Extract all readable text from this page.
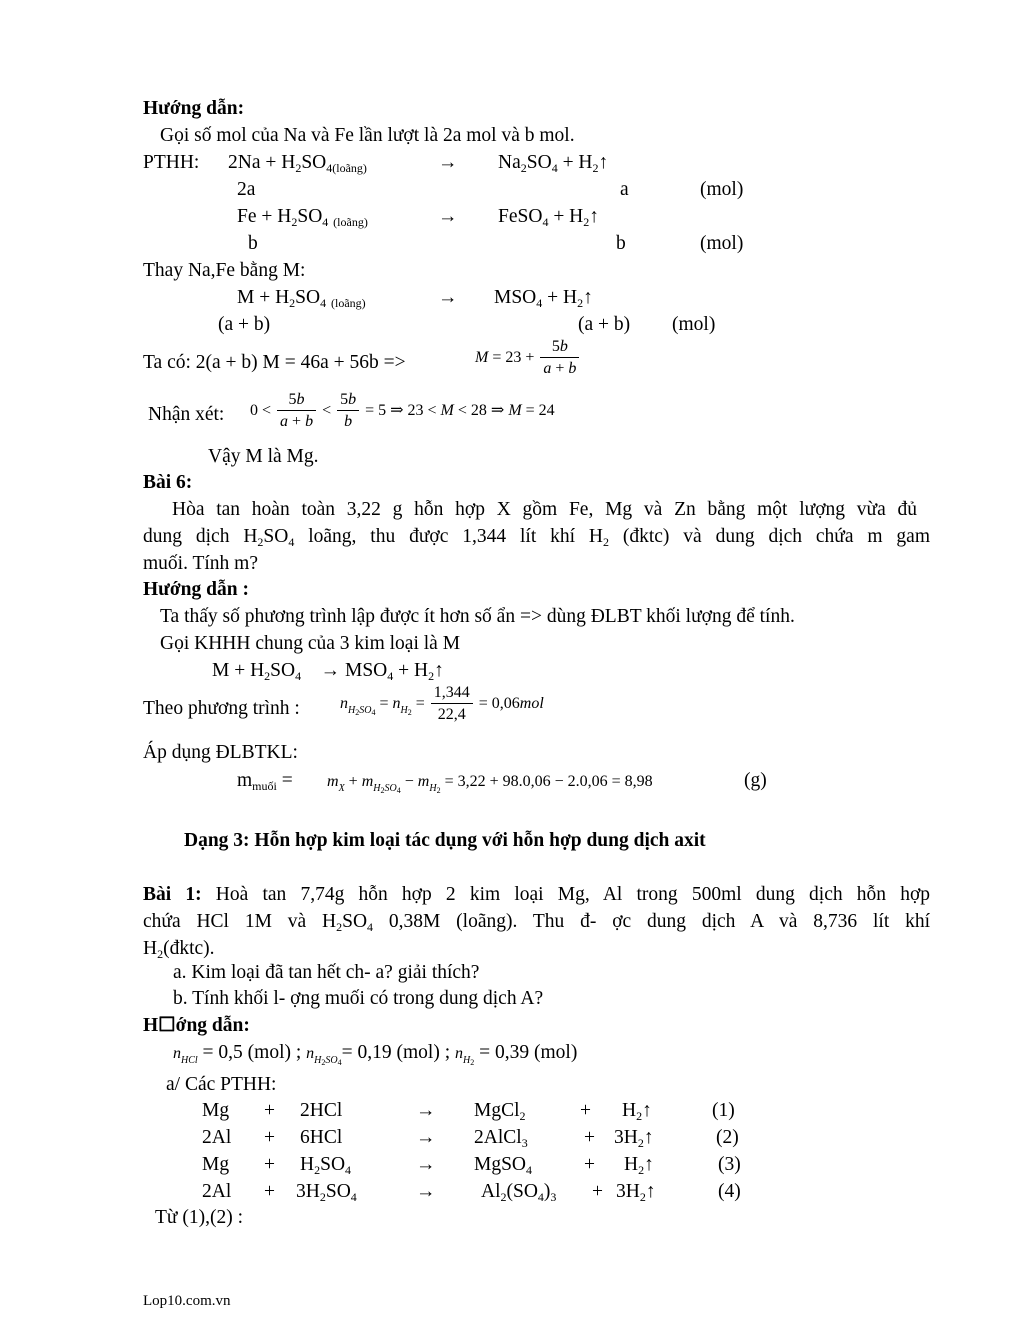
Hướng dẫn:
Gọi số mol của Na và Fe lần lượt là 2a mol và b mol.
PTHH: $2Na + H_2SO_{4(loãng)}$	→ $Na_2SO_4$ + $H_2↑$
2a	a	(mol)
$Fe + H_2SO_4$ $_{(loãng)}$	→ FeSO$_4$ + $H_2↑$
b	b	(mol)
Thay Na,Fe bằng M:
$M + H_2SO_4$ $_{(loãng)}$	→ $MSO_4$ + $H_2↑$
(a + b)	(a + b) (mol)
Ta có: 2(a + b) M = 46a + 56b =>	$M = 23 + \frac{5b}{a + b}$
Nhận xét: $0 < \frac{5b}{a + b} < \frac{5b}{b} = 5$ ⇒ 23 < M < 28 ⇒ M = 24
Vậy M là Mg.
Bài 6:
Hòa tan hoàn toàn 3,22 g hỗn hợp X gồm Fe, Mg và Zn bằng một lượng vừa đủ
dung dịch $H_2SO_4$ loãng, thu được 1,344 lít khí $H_2$ (đktc) và dung dịch chứa m gam
muối. Tính m?
Hướng dẫn :
Ta thấy số phương trình lập được ít hơn số ẩn => dùng ĐLBT khối lượng để tính.
Gọi KHHH chung của 3 kim loại là M
$M + H_2SO_4$    → $MSO_4$ + $H_2↑$
Theo phương trình :	$n_{H_2SO_4} = n_{H_2} = \frac{1,344}{22,4} = 0,06mol$
Áp dụng ĐLBTKL:
$m_{muối} = m_X + m_{H_2SO_4} - m_{H_2} = 3,22 + 98.0,06 - 2.0,06 = 8,98$	(g)
Dạng 3: Hỗn hợp kim loại tác dụng với hỗn hợp dung dịch axit
Bài 1: Hoà tan 7,74g hỗn hợp 2 kim loại Mg, Al trong 500ml dung dịch hỗn hợp
chứa HCl 1M và $H_2SO_4$ 0,38M (loãng). Thu đ- ợc dung dịch A và 8,736 lít khí
$H_2(đktc)$.
a. Kim loại đã tan hết ch- a? giải thích?
b. Tính khối l- ợng muối có trong dung dịch A?
H☐ớng dẫn:
$n_{HCl} = 0,5$ (mol) ; $n_{H_2SO_4}= 0,19$ (mol) ; $n_{H_2} = 0,39$ (mol)
a/ Các PTHH:
Mg + 2HCl	→ MgCl$_2$	+ $H_2↑$	(1)
2Al + 6HCl	→ 2AlCl$_3$	+ $3H_2↑$	(2)
$Mg + H_2SO_4$	→ MgSO$_4$	+ $H_2↑$	(3)
$2Al + 3H_2SO_4$	→ $Al_2(SO_4)_3$ + $3H_2↑$	(4)
Từ (1),(2) :
Lop10.com.vn
